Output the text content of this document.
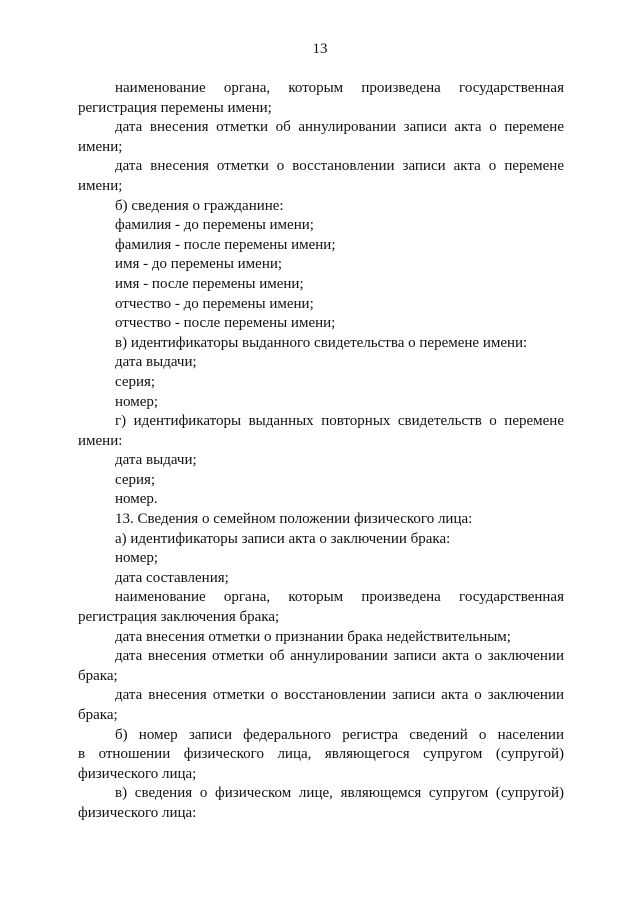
13
наименование органа, которым произведена государственная
регистрация перемены имени;
дата внесения отметки об аннулировании записи акта о перемене
имени;
дата внесения отметки о восстановлении записи акта о перемене
имени;
б) сведения о гражданине:
фамилия - до перемены имени;
фамилия - после перемены имени;
имя - до перемены имени;
имя - после перемены имени;
отчество - до перемены имени;
отчество - после перемены имени;
в) идентификаторы выданного свидетельства о перемене имени:
дата выдачи;
серия;
номер;
г) идентификаторы выданных повторных свидетельств о перемене
имени:
дата выдачи;
серия;
номер.
13. Сведения о семейном положении физического лица:
а) идентификаторы записи акта о заключении брака:
номер;
дата составления;
наименование органа, которым произведена государственная
регистрация заключения брака;
дата внесения отметки о признании брака недействительным;
дата внесения отметки об аннулировании записи акта о заключении
брака;
дата внесения отметки о восстановлении записи акта о заключении
брака;
б) номер записи федерального регистра сведений о населении
в отношении физического лица, являющегося супругом (супругой)
физического лица;
в) сведения о физическом лице, являющемся супругом (супругой)
физического лица:
